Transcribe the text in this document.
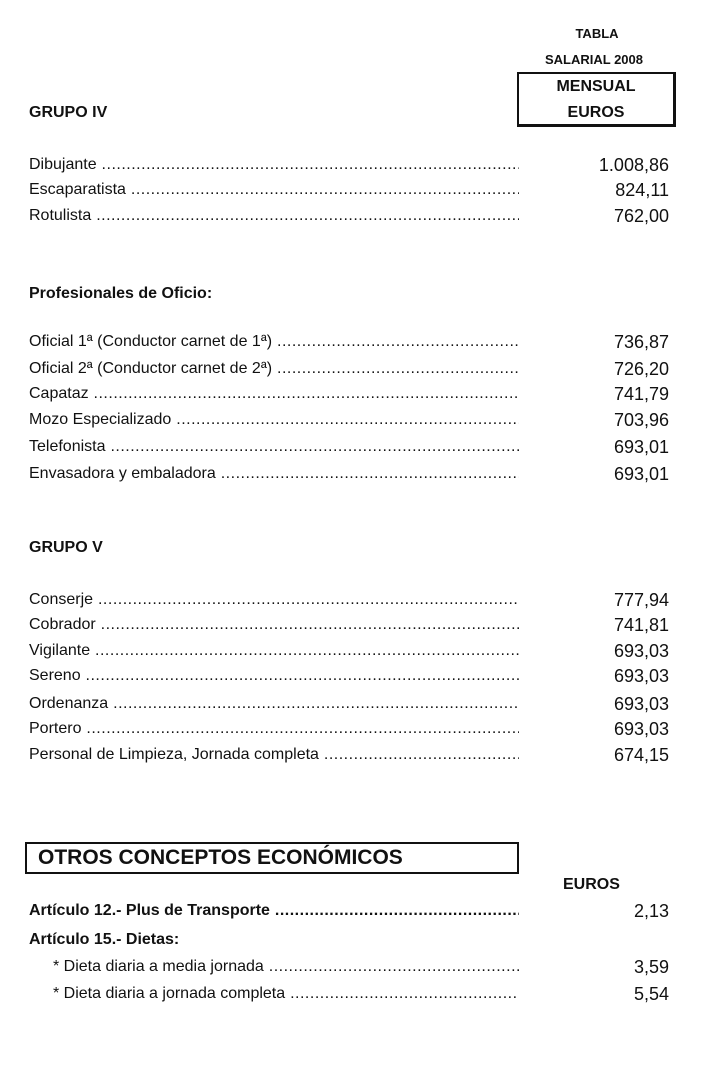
TABLA
SALARIAL 2008
MENSUAL
EUROS
GRUPO IV
Dibujante .....	1.008,86
Escaparatista .....	824,11
Rotulista .....	762,00
Profesionales de Oficio:
Oficial 1ª (Conductor carnet de 1ª) .....	736,87
Oficial 2ª (Conductor carnet de 2ª) .....	726,20
Capataz .....	741,79
Mozo Especializado .....	703,96
Telefonista .....	693,01
Envasadora y embaladora .....	693,01
GRUPO V
Conserje .....	777,94
Cobrador .....	741,81
Vigilante .....	693,03
Sereno .....	693,03
Ordenanza .....	693,03
Portero .....	693,03
Personal de Limpieza, Jornada completa .....	674,15
OTROS CONCEPTOS ECONÓMICOS
EUROS
Artículo 12.- Plus de Transporte .....	2,13
Artículo 15.- Dietas:
* Dieta diaria a media jornada .....	3,59
* Dieta diaria a jornada completa .....	5,54
